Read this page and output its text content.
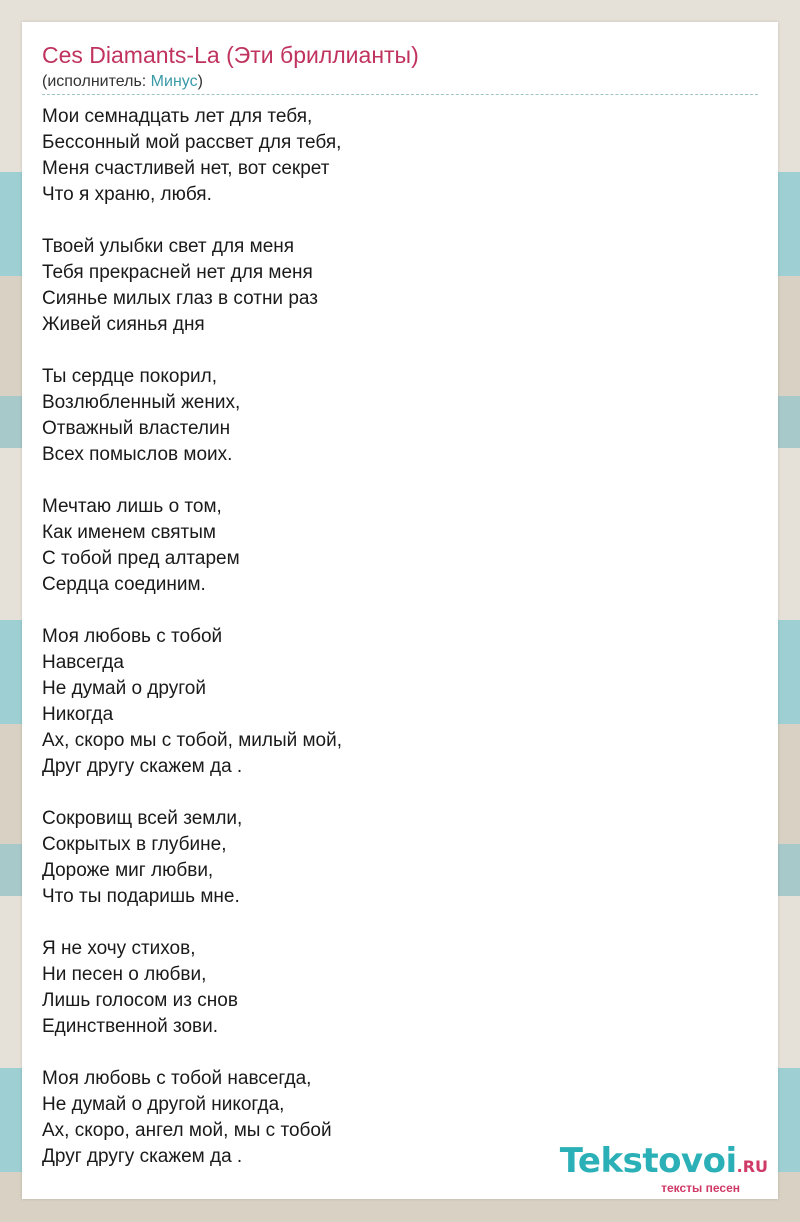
Ces Diamants-La (Эти бриллианты)
(исполнитель: Минус)
Мои семнадцать лет для тебя,
Бессонный мой рассвет для тебя,
Меня счастливей нет, вот секрет
Что я храню, любя.
Твоей улыбки свет для меня
Тебя прекрасней нет для меня
Сиянье милых глаз в сотни раз
Живей сиянья дня
Ты сердце покорил,
Возлюбленный жених,
Отважный властелин
Всех помыслов моих.
Мечтаю лишь о том,
Как именем святым
С тобой пред алтарем
Сердца соединим.
Моя любовь с тобой
Навсегда
Не думай о другой
Никогда
Ах, скоро мы с тобой, милый мой,
Друг другу скажем да .
Сокровищ всей земли,
Сокрытых в глубине,
Дороже миг любви,
Что ты подаришь мне.
Я не хочу стихов,
Ни песен о любви,
Лишь голосом из снов
Единственной зови.
Моя любовь с тобой навсегда,
Не думай о другой никогда,
Ах, скоро, ангел мой, мы с тобой
Друг другу скажем да .	Tekstovoi.RU
тексты песен
